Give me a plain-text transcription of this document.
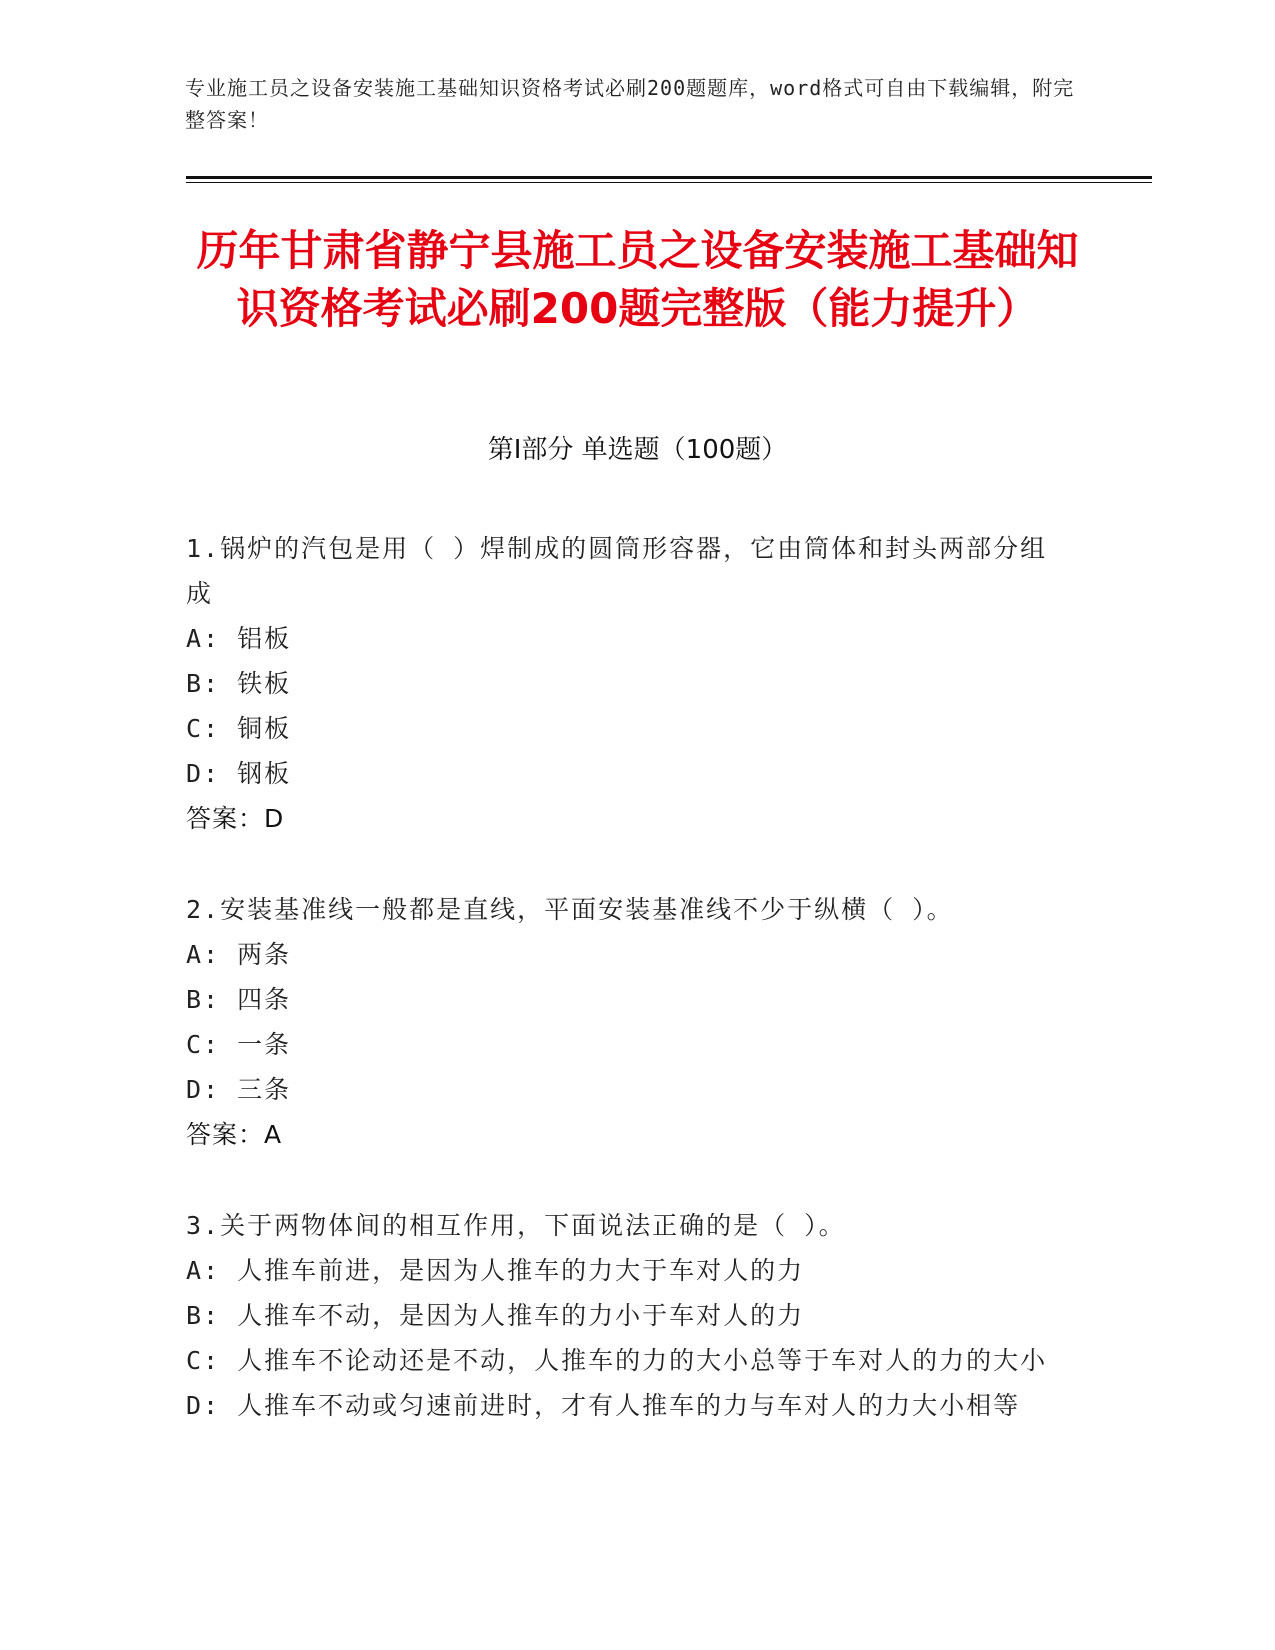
专业施工员之设备安装施工基础知识资格考试必刷200题题库，word格式可自由下载编辑，附完整答案！
历年甘肃省静宁县施工员之设备安装施工基础知识资格考试必刷200题完整版（能力提升）
第Ⅰ部分 单选题（100题）

1.锅炉的汽包是用（ ）焊制成的圆筒形容器，它由筒体和封头两部分组成

A: 铝板

B: 铁板

C: 铜板

D: 钢板

答案：D

2.安装基准线一般都是直线，平面安装基准线不少于纵横（ ）。

A: 两条

B: 四条

C: 一条

D: 三条

答案：A

3.关于两物体间的相互作用，下面说法正确的是（ ）。

A: 人推车前进，是因为人推车的力大于车对人的力

B: 人推车不动，是因为人推车的力小于车对人的力

C: 人推车不论动还是不动，人推车的力的大小总等于车对人的力的大小

D: 人推车不动或匀速前进时，才有人推车的力与车对人的力大小相等
